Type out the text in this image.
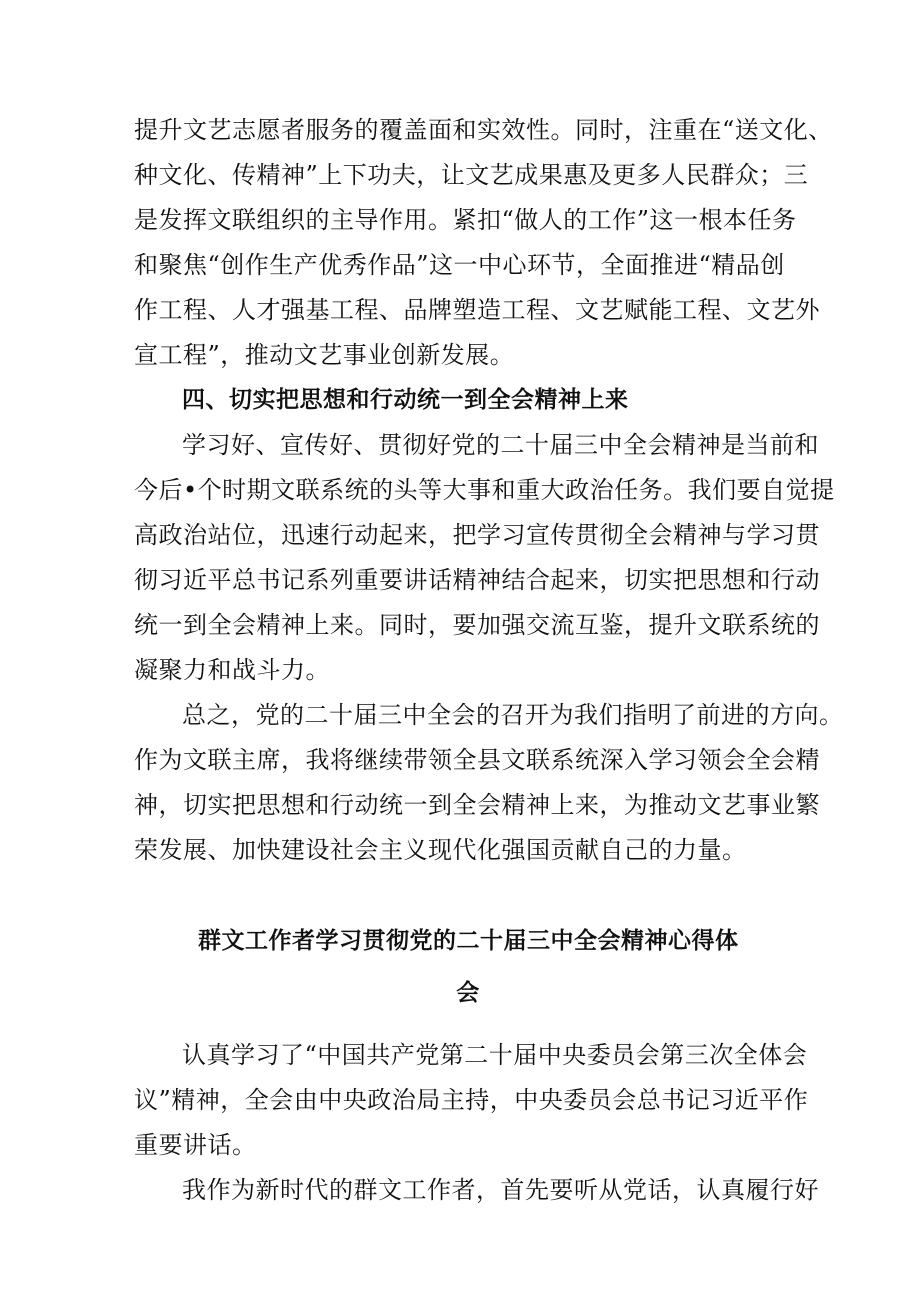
提升文艺志愿者服务的覆盖面和实效性。同时，注重在“送文化、
种文化、传精神”上下功夫，让文艺成果惠及更多人民群众；三
是发挥文联组织的主导作用。紧扣“做人的工作”这一根本任务
和聚焦“创作生产优秀作品”这一中心环节，全面推进“精品创
作工程、人才强基工程、品牌塑造工程、文艺赋能工程、文艺外
宣工程”，推动文艺事业创新发展。
四、切实把思想和行动统一到全会精神上来
学习好、宣传好、贯彻好党的二十届三中全会精神是当前和
今后•个时期文联系统的头等大事和重大政治任务。我们要自觉提
高政治站位，迅速行动起来，把学习宣传贯彻全会精神与学习贯
彻习近平总书记系列重要讲话精神结合起来，切实把思想和行动
统一到全会精神上来。同时，要加强交流互鉴，提升文联系统的
凝聚力和战斗力。
总之，党的二十届三中全会的召开为我们指明了前进的方向。
作为文联主席，我将继续带领全县文联系统深入学习领会全会精
神，切实把思想和行动统一到全会精神上来，为推动文艺事业繁
荣发展、加快建设社会主义现代化强国贡献自己的力量。
群文工作者学习贯彻党的二十届三中全会精神心得体
会
认真学习了“中国共产党第二十届中央委员会第三次全体会
议”精神，全会由中央政治局主持，中央委员会总书记习近平作
重要讲话。
我作为新时代的群文工作者，首先要听从党话，认真履行好
